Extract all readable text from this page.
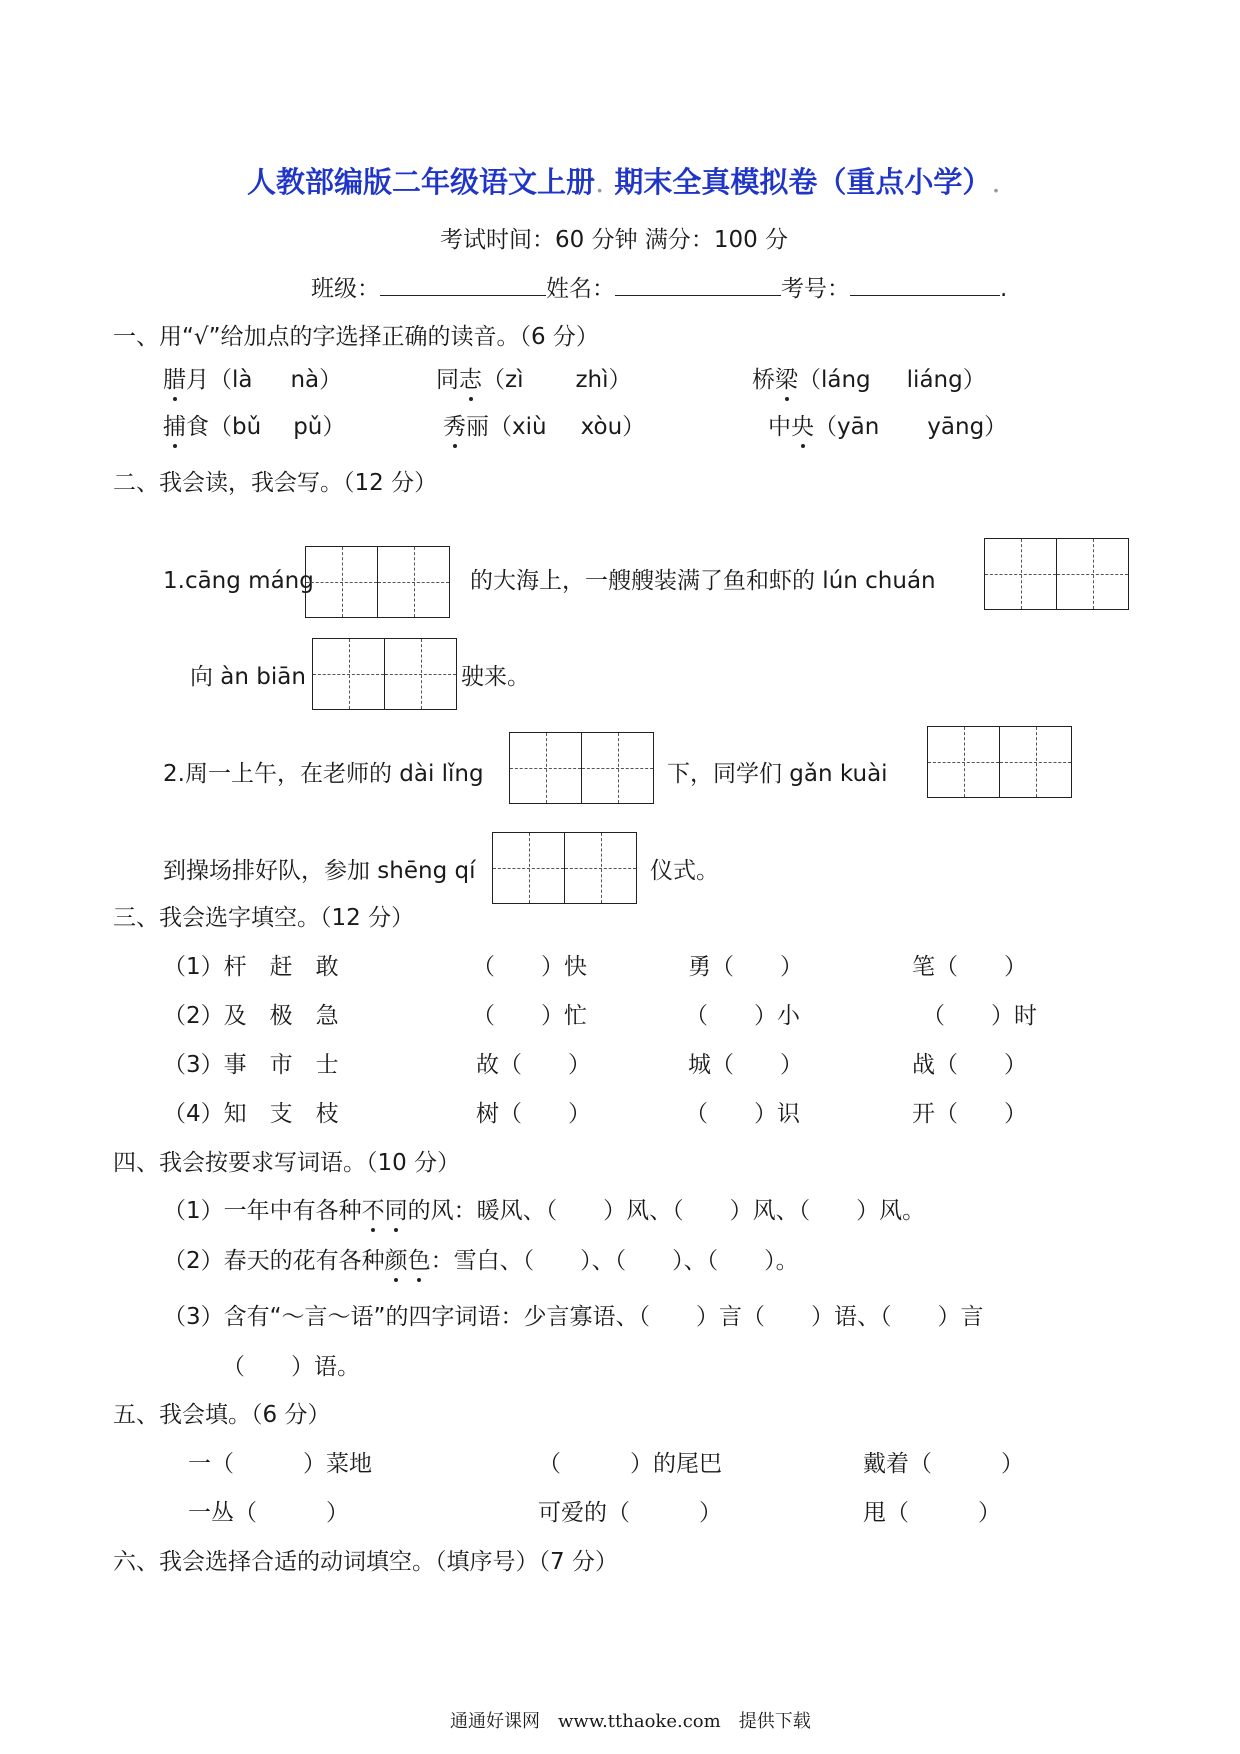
人教部编版二年级语文上册. 期末全真模拟卷（重点小学）.
考试时间：60 分钟 满分：100 分
班级：	姓名：	考号：	.
一、用“√”给加点的字选择正确的读音。（6 分）
腊月（là nà）	同志（zì zhì）	桥梁（láng liáng）
捕食（bǔ pǔ）	秀丽（xiù xòu）	中央（yān yāng）
二、我会读，我会写。（12 分）
1.cāng máng	的大海上，一艘艘装满了鱼和虾的 lún chuán
向 àn biān	驶来。
2.周一上午，在老师的 dài lǐng	下，同学们 gǎn kuài
到操场排好队，参加 shēng qí	仪式。
三、我会选字填空。（12 分）
（1）杆　赶　敢	（　　）快	勇（　　）	笔（　　）
（2）及　极　急	（　　）忙	（　　）小	（　　）时
（3）事　市　士	故（　　）	城（　　）	战（　　）
（4）知　支　枝	树（　　）	（　　）识	开（　　）
四、我会按要求写词语。（10 分）
（1）一年中有各种不同的风：暖风、（　　）风、（　　）风、（　　）风。
（2）春天的花有各种颜色：雪白、（　　）、（　　）、（　　）。
（3）含有“～言～语”的四字词语：少言寡语、（　　）言（　　）语、（　　）言
（　　）语。
五、我会填。（6 分）
一（　　　）菜地	（　　　）的尾巴	戴着（　　　）
一丛（　　　）	可爱的（　　　）	甩（　　　）
六、我会选择合适的动词填空。（填序号）（7 分）
通通好课网　www.tthaoke.com　提供下载
